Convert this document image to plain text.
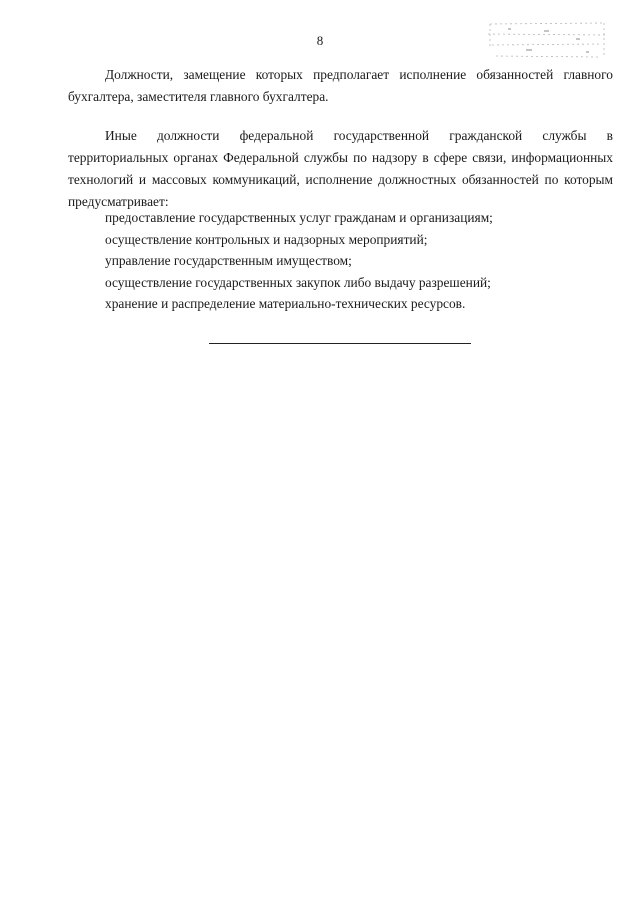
8

Должности, замещение которых предполагает исполнение обязанностей главного бухгалтера, заместителя главного бухгалтера.

Иные должности федеральной государственной гражданской службы в территориальных органах Федеральной службы по надзору в сфере связи, информационных технологий и массовых коммуникаций, исполнение должностных обязанностей по которым предусматривает:

предоставление государственных услуг гражданам и организациям;
осуществление контрольных и надзорных мероприятий;
управление государственным имуществом;
осуществление государственных закупок либо выдачу разрешений;
хранение и распределение материально-технических ресурсов.
